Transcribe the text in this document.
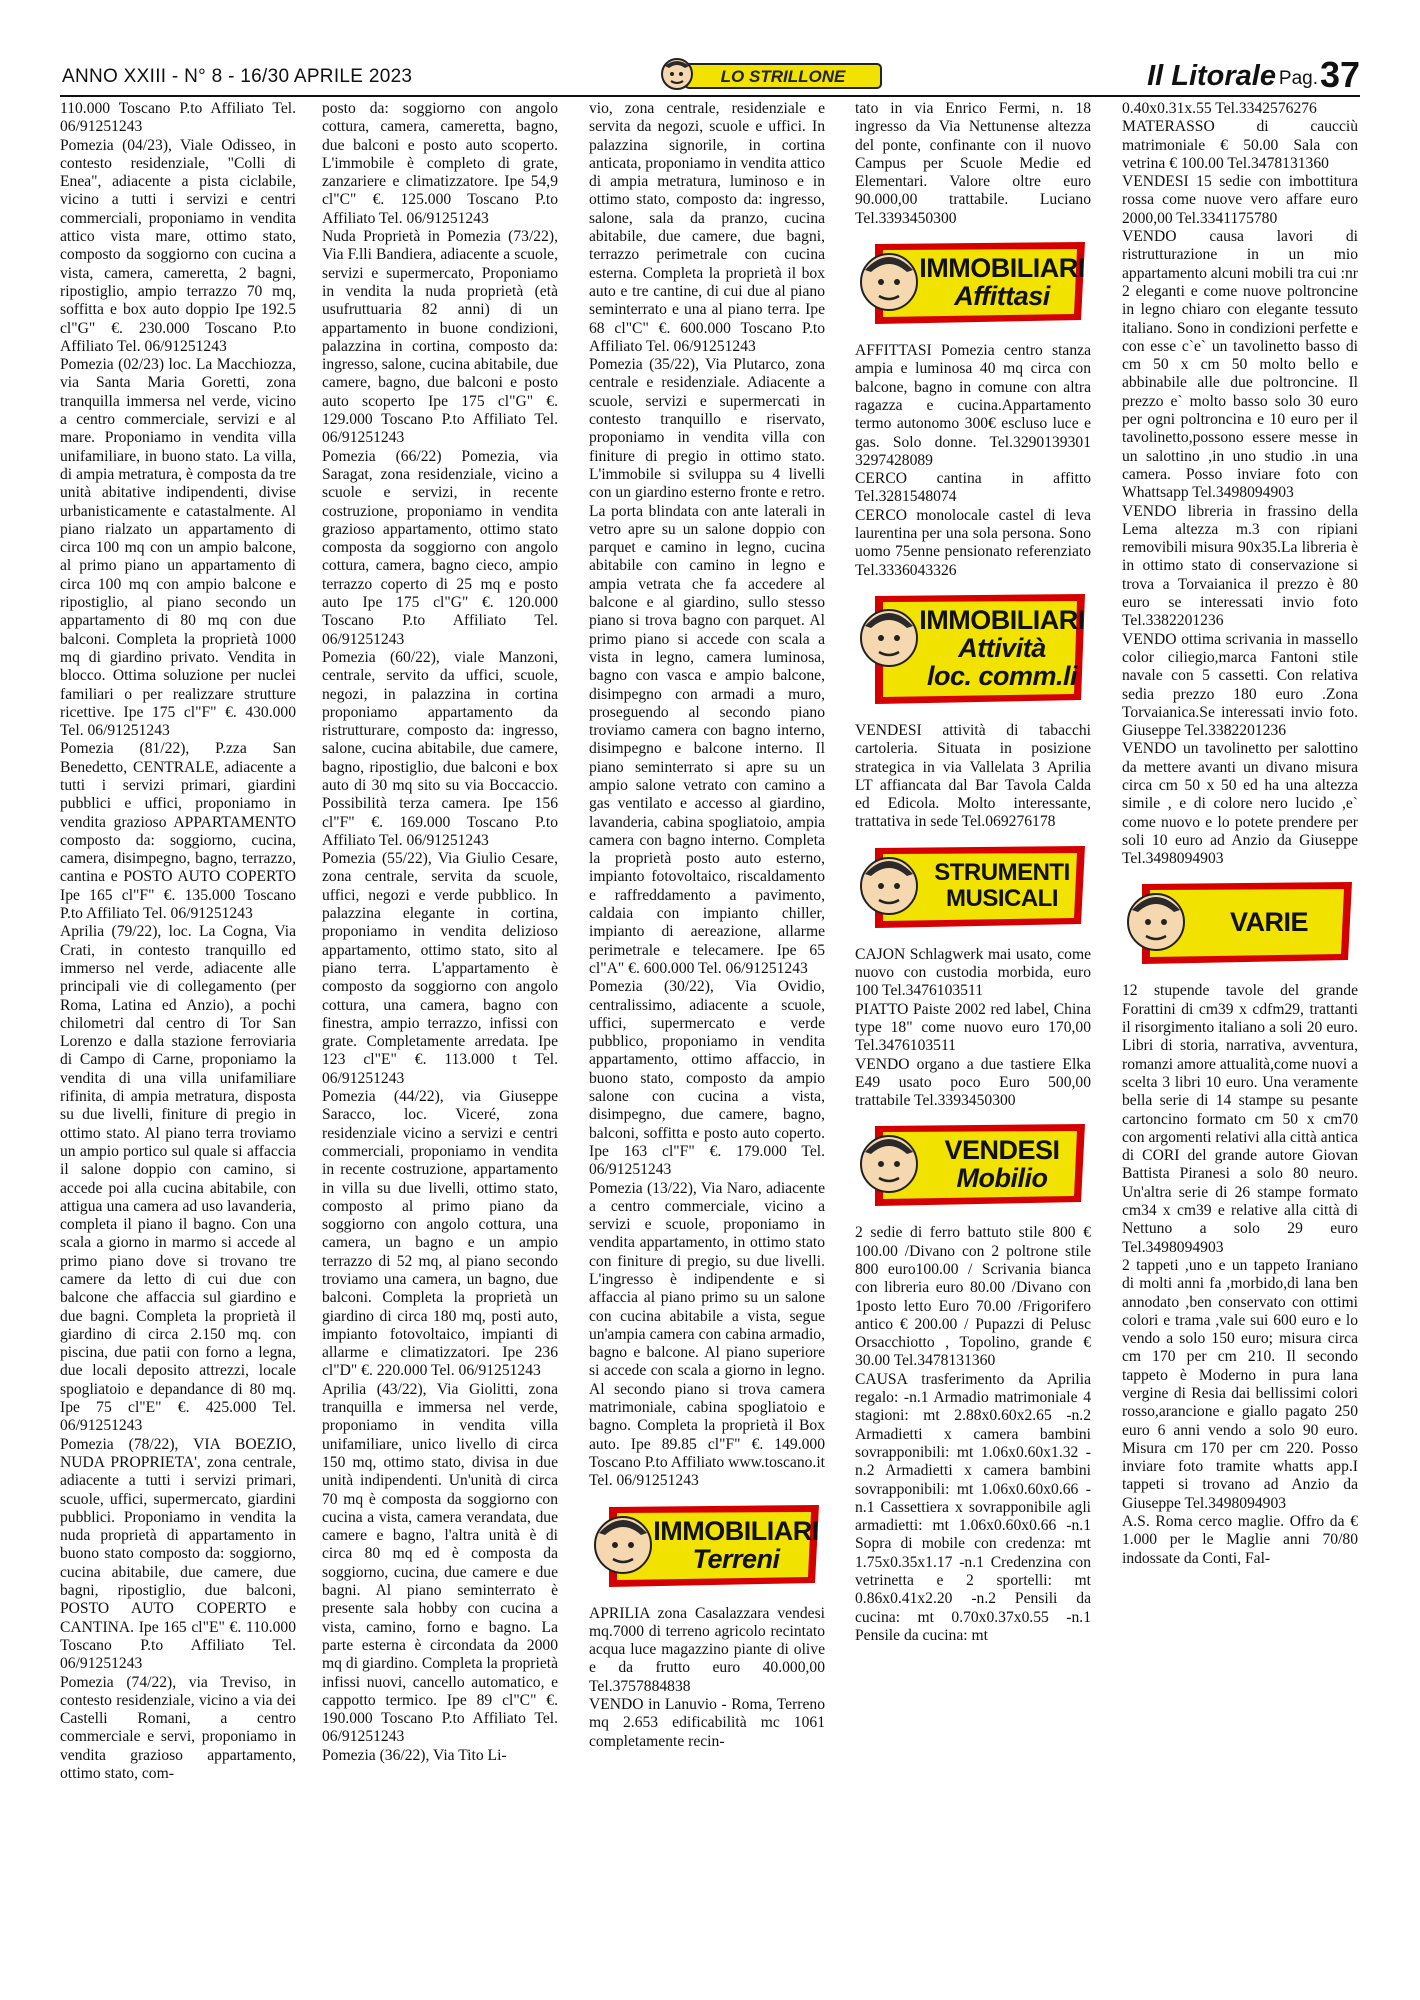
ANNO XXIII - N° 8 - 16/30 APRILE 2023	LO STRILLONE	Il Litorale Pag. 37

110.000 Toscano P.to Affiliato Tel. 06/91251243

Pomezia (04/23), Viale Odisseo, in contesto residenziale, "Colli di Enea", adiacente a pista ciclabile, vicino a tutti i servizi e centri commerciali, proponiamo in vendita attico vista mare, ottimo stato, composto da soggiorno con cucina a vista, camera, cameretta, 2 bagni, ripostiglio, ampio terrazzo 70 mq, soffitta e box auto doppio Ipe 192.5 cl"G" €. 230.000 Toscano P.to Affiliato Tel. 06/91251243

Pomezia (02/23) loc. La Macchiozza, via Santa Maria Goretti, zona tranquilla immersa nel verde, vicino a centro commerciale, servizi e al mare. Proponiamo in vendita villa unifamiliare, in buono stato. La villa, di ampia metratura, è composta da tre unità abitative indipendenti, divise urbanisticamente e catastalmente. Al piano rialzato un appartamento di circa 100 mq con un ampio balcone, al primo piano un appartamento di circa 100 mq con ampio balcone e ripostiglio, al piano secondo un appartamento di 80 mq con due balconi. Completa la proprietà 1000 mq di giardino privato. Vendita in blocco. Ottima soluzione per nuclei familiari o per realizzare strutture ricettive. Ipe 175 cl"F" €. 430.000 Tel. 06/91251243

Pomezia (81/22), P.zza San Benedetto, CENTRALE, adiacente a tutti i servizi primari, giardini pubblici e uffici, proponiamo in vendita grazioso APPARTAMENTO composto da: soggiorno, cucina, camera, disimpegno, bagno, terrazzo, cantina e POSTO AUTO COPERTO Ipe 165 cl"F" €. 135.000 Toscano P.to Affiliato Tel. 06/91251243

Aprilia (79/22), loc. La Cogna, Via Crati, in contesto tranquillo ed immerso nel verde, adiacente alle principali vie di collegamento (per Roma, Latina ed Anzio), a pochi chilometri dal centro di Tor San Lorenzo e dalla stazione ferroviaria di Campo di Carne, proponiamo la vendita di una villa unifamiliare rifinita, di ampia metratura, disposta su due livelli, finiture di pregio in ottimo stato. Al piano terra troviamo un ampio portico sul quale si affaccia il salone doppio con camino, si accede poi alla cucina abitabile, con attigua una camera ad uso lavanderia, completa il piano il bagno. Con una scala a giorno in marmo si accede al primo piano dove si trovano tre camere da letto di cui due con balcone che affaccia sul giardino e due bagni. Completa la proprietà il giardino di circa 2.150 mq. con piscina, due patii con forno a legna, due locali deposito attrezzi, locale spogliatoio e depandance di 80 mq. Ipe 75 cl"E" €. 425.000 Tel. 06/91251243

Pomezia (78/22), VIA BOEZIO, NUDA PROPRIETA', zona centrale, adiacente a tutti i servizi primari, scuole, uffici, supermercato, giardini pubblici. Proponiamo in vendita la nuda proprietà di appartamento in buono stato composto da: soggiorno, cucina abitabile, due camere, due bagni, ripostiglio, due balconi, POSTO AUTO COPERTO e CANTINA. Ipe 165 cl"E" €. 110.000 Toscano P.to Affiliato Tel. 06/91251243

Pomezia (74/22), via Treviso, in contesto residenziale, vicino a via dei Castelli Romani, a centro commerciale e servi, proponiamo in vendita grazioso appartamento, ottimo stato, com-

posto da: soggiorno con angolo cottura, camera, cameretta, bagno, due balconi e posto auto scoperto. L'immobile è completo di grate, zanzariere e climatizzatore. Ipe 54,9 cl"C" €. 125.000 Toscano P.to Affiliato Tel. 06/91251243

Nuda Proprietà in Pomezia (73/22), Via F.lli Bandiera, adiacente a scuole, servizi e supermercato, Proponiamo in vendita la nuda proprietà (età usufruttuaria 82 anni) di un appartamento in buone condizioni, palazzina in cortina, composto da: ingresso, salone, cucina abitabile, due camere, bagno, due balconi e posto auto scoperto Ipe 175 cl"G" €. 129.000 Toscano P.to Affiliato Tel. 06/91251243

Pomezia (66/22) Pomezia, via Saragat, zona residenziale, vicino a scuole e servizi, in recente costruzione, proponiamo in vendita grazioso appartamento, ottimo stato composta da soggiorno con angolo cottura, camera, bagno cieco, ampio terrazzo coperto di 25 mq e posto auto Ipe 175 cl"G" €. 120.000 Toscano P.to Affiliato Tel. 06/91251243

Pomezia (60/22), viale Manzoni, centrale, servito da uffici, scuole, negozi, in palazzina in cortina proponiamo appartamento da ristrutturare, composto da: ingresso, salone, cucina abitabile, due camere, bagno, ripostiglio, due balconi e box auto di 30 mq sito su via Boccaccio. Possibilità terza camera. Ipe 156 cl"F" €. 169.000 Toscano P.to Affiliato Tel. 06/91251243

Pomezia (55/22), Via Giulio Cesare, zona centrale, servita da scuole, uffici, negozi e verde pubblico. In palazzina elegante in cortina, proponiamo in vendita delizioso appartamento, ottimo stato, sito al piano terra. L'appartamento è composto da soggiorno con angolo cottura, una camera, bagno con finestra, ampio terrazzo, infissi con grate. Completamente arredata. Ipe 123 cl"E" €. 113.000 t Tel. 06/91251243

Pomezia (44/22), via Giuseppe Saracco, loc. Viceré, zona residenziale vicino a servizi e centri commerciali, proponiamo in vendita in recente costruzione, appartamento in villa su due livelli, ottimo stato, composto al primo piano da soggiorno con angolo cottura, una camera, un bagno e un ampio terrazzo di 52 mq, al piano secondo troviamo una camera, un bagno, due balconi. Completa la proprietà un giardino di circa 180 mq, posti auto, impianto fotovoltaico, impianti di allarme e climatizzatori. Ipe 236 cl"D" €. 220.000 Tel. 06/91251243

Aprilia (43/22), Via Giolitti, zona tranquilla e immersa nel verde, proponiamo in vendita villa unifamiliare, unico livello di circa 150 mq, ottimo stato, divisa in due unità indipendenti. Un'unità di circa 70 mq è composta da soggiorno con cucina a vista, camera verandata, due camere e bagno, l'altra unità è di circa 80 mq ed è composta da soggiorno, cucina, due camere e due bagni. Al piano seminterrato è presente sala hobby con cucina a vista, camino, forno e bagno. La parte esterna è circondata da 2000 mq di giardino. Completa la proprietà infissi nuovi, cancello automatico, e cappotto termico. Ipe 89 cl"C" €. 190.000 Toscano P.to Affiliato Tel. 06/91251243

Pomezia (36/22), Via Tito Li-

vio, zona centrale, residenziale e servita da negozi, scuole e uffici. In palazzina signorile, in cortina anticata, proponiamo in vendita attico di ampia metratura, luminoso e in ottimo stato, composto da: ingresso, salone, sala da pranzo, cucina abitabile, due camere, due bagni, terrazzo perimetrale con cucina esterna. Completa la proprietà il box auto e tre cantine, di cui due al piano seminterrato e una al piano terra. Ipe 68 cl"C" €. 600.000 Toscano P.to Affiliato Tel. 06/91251243

Pomezia (35/22), Via Plutarco, zona centrale e residenziale. Adiacente a scuole, servizi e supermercati in contesto tranquillo e riservato, proponiamo in vendita villa con finiture di pregio in ottimo stato. L'immobile si sviluppa su 4 livelli con un giardino esterno fronte e retro. La porta blindata con ante laterali in vetro apre su un salone doppio con parquet e camino in legno, cucina abitabile con camino in legno e ampia vetrata che fa accedere al balcone e al giardino, sullo stesso piano si trova bagno con parquet. Al primo piano si accede con scala a vista in legno, camera luminosa, bagno con vasca e ampio balcone, disimpegno con armadi a muro, proseguendo al secondo piano troviamo camera con bagno interno, disimpegno e balcone interno. Il piano seminterrato si apre su un ampio salone vetrato con camino a gas ventilato e accesso al giardino, lavanderia, cabina spogliatoio, ampia camera con bagno interno. Completa la proprietà posto auto esterno, impianto fotovoltaico, riscaldamento e raffreddamento a pavimento, caldaia con impianto chiller, impianto di aereazione, allarme perimetrale e telecamere. Ipe 65 cl"A" €. 600.000 Tel. 06/91251243

Pomezia (30/22), Via Ovidio, centralissimo, adiacente a scuole, uffici, supermercato e verde pubblico, proponiamo in vendita appartamento, ottimo affaccio, in buono stato, composto da ampio salone con cucina a vista, disimpegno, due camere, bagno, balconi, soffitta e posto auto coperto. Ipe 163 cl"F" €. 179.000 Tel. 06/91251243

Pomezia (13/22), Via Naro, adiacente a centro commerciale, vicino a servizi e scuole, proponiamo in vendita appartamento, in ottimo stato con finiture di pregio, su due livelli. L'ingresso è indipendente e si affaccia al piano primo su un salone con cucina abitabile a vista, segue un'ampia camera con cabina armadio, bagno e balcone. Al piano superiore si accede con scala a giorno in legno. Al secondo piano si trova camera matrimoniale, cabina spogliatoio e bagno. Completa la proprietà il Box auto. Ipe 89.85 cl"F" €. 149.000 Toscano P.to Affiliato www.toscano.it Tel. 06/91251243

IMMOBILIARI
Terreni

APRILIA zona Casalazzara vendesi mq.7000 di terreno agricolo recintato acqua luce magazzino piante di olive e da frutto euro 40.000,00 Tel.3757884838

VENDO in Lanuvio - Roma, Terreno mq 2.653 edificabilità mc 1061 completamente recin-

tato in via Enrico Fermi, n. 18 ingresso da Via Nettunense altezza del ponte, confinante con il nuovo Campus per Scuole Medie ed Elementari. Valore oltre euro 90.000,00 trattabile. Luciano Tel.3393450300

IMMOBILIARI
Affittasi

AFFITTASI Pomezia centro stanza ampia e luminosa 40 mq circa con balcone, bagno in comune con altra ragazza e cucina.Appartamento termo autonomo 300€ escluso luce e gas. Solo donne. Tel.3290139301 3297428089

CERCO cantina in affitto Tel.3281548074

CERCO monolocale castel di leva laurentina per una sola persona. Sono uomo 75enne pensionato referenziato Tel.3336043326

IMMOBILIARI
Attività
loc. comm.li

VENDESI attività di tabacchi cartoleria. Situata in posizione strategica in via Vallelata 3 Aprilia LT affiancata dal Bar Tavola Calda ed Edicola. Molto interessante, trattativa in sede Tel.069276178

STRUMENTI
MUSICALI

CAJON Schlagwerk mai usato, come nuovo con custodia morbida, euro 100 Tel.3476103511

PIATTO Paiste 2002 red label, China type 18" come nuovo euro 170,00 Tel.3476103511

VENDO organo a due tastiere Elka E49 usato poco Euro 500,00 trattabile Tel.3393450300

VENDESI
Mobilio

2 sedie di ferro battuto stile 800 € 100.00 /Divano con 2 poltrone stile 800 euro100.00 / Scrivania bianca con libreria euro 80.00 /Divano con 1posto letto Euro 70.00 /Frigorifero antico € 200.00 / Pupazzi di Pelusc Orsacchiotto , Topolino, grande € 30.00 Tel.3478131360

CAUSA trasferimento da Aprilia regalo: -n.1 Armadio matrimoniale 4 stagioni: mt 2.88x0.60x2.65 -n.2 Armadietti x camera bambini sovrapponibili: mt 1.06x0.60x1.32 -n.2 Armadietti x camera bambini sovrapponibili: mt 1.06x0.60x0.66 -n.1 Cassettiera x sovrapponibile agli armadietti: mt 1.06x0.60x0.66 -n.1 Sopra di mobile con credenza: mt 1.75x0.35x1.17 -n.1 Credenzina con vetrinetta e 2 sportelli: mt 0.86x0.41x2.20 -n.2 Pensili da cucina: mt 0.70x0.37x0.55 -n.1 Pensile da cucina: mt

0.40x0.31x.55 Tel.3342576276

MATERASSO di caucciù matrimoniale € 50.00 Sala con vetrina € 100.00 Tel.3478131360

VENDESI 15 sedie con imbottitura rossa come nuove vero affare euro 2000,00 Tel.3341175780

VENDO causa lavori di ristrutturazione in un mio appartamento alcuni mobili tra cui :nr 2 eleganti e come nuove poltroncine in legno chiaro con elegante tessuto italiano. Sono in condizioni perfette e con esse c`e` un tavolinetto basso di cm 50 x cm 50 molto bello e abbinabile alle due poltroncine. Il prezzo e` molto basso solo 30 euro per ogni poltroncina e 10 euro per il tavolinetto,possono essere messe in un salottino ,in uno studio .in una camera. Posso inviare foto con Whattsapp Tel.3498094903

VENDO libreria in frassino della Lema altezza m.3 con ripiani removibili misura 90x35.La libreria è in ottimo stato di conservazione si trova a Torvaianica il prezzo è 80 euro se interessati invio foto Tel.3382201236

VENDO ottima scrivania in massello color ciliegio,marca Fantoni stile navale con 5 cassetti. Con relativa sedia prezzo 180 euro .Zona Torvaianica.Se interessati invio foto. Giuseppe Tel.3382201236

VENDO un tavolinetto per salottino da mettere avanti un divano misura circa cm 50 x 50 ed ha una altezza simile , e di colore nero lucido ,e` come nuovo e lo potete prendere per soli 10 euro ad Anzio da Giuseppe Tel.3498094903

VARIE

12 stupende tavole del grande Forattini di cm39 x cdfm29, trattanti il risorgimento italiano a soli 20 euro. Libri di storia, narrativa, avventura, romanzi amore attualità,come nuovi a scelta 3 libri 10 euro. Una veramente bella serie di 14 stampe su pesante cartoncino formato cm 50 x cm70 con argomenti relativi alla città antica di CORI del grande autore Giovan Battista Piranesi a solo 80 neuro. Un'altra serie di 26 stampe formato cm34 x cm39 e relative alla città di Nettuno a solo 29 euro Tel.3498094903

2 tappeti ,uno e un tappeto Iraniano di molti anni fa ,morbido,di lana ben annodato ,ben conservato con ottimi colori e trama ,vale sui 600 euro e lo vendo a solo 150 euro; misura circa cm 170 per cm 210. Il secondo tappeto è Moderno in pura lana vergine di Resia dai bellissimi colori rosso,arancione e giallo pagato 250 euro 6 anni vendo a solo 90 euro. Misura cm 170 per cm 220. Posso inviare foto tramite whatts app.I tappeti si trovano ad Anzio da Giuseppe Tel.3498094903

A.S. Roma cerco maglie. Offro da € 1.000 per le Maglie anni 70/80 indossate da Conti, Fal-
